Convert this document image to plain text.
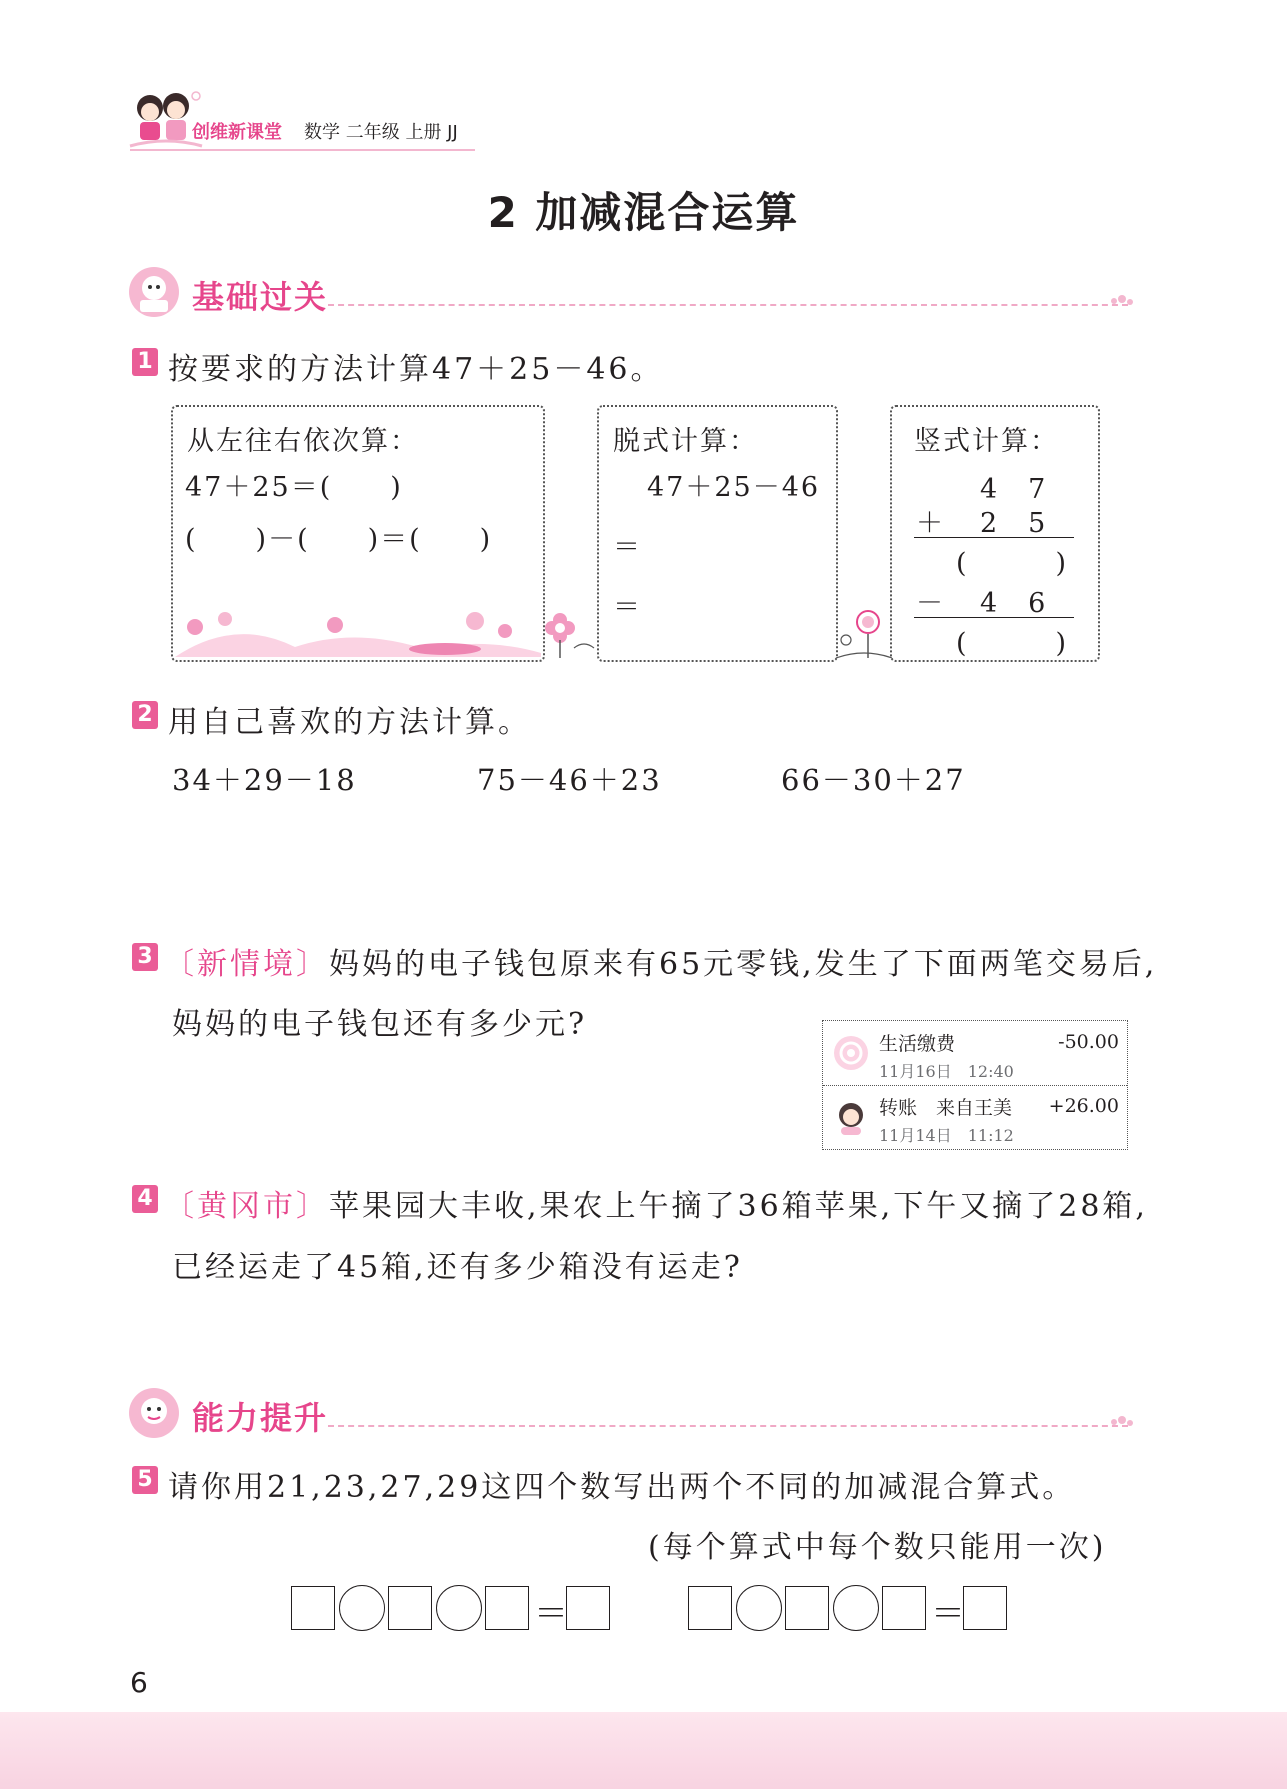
创维新课堂 数学 二年级 上册 JJ
2 加减混合运算
基础过关
1 按要求的方法计算47＋25－46。
从左往右依次算：
47＋25＝(　　)
(　　)－(　　)＝(　　)
脱式计算：
47＋25－46
＝
＝
竖式计算：
4　7
＋ 2　5
(　　　)
－ 4　6
(　　　)
2 用自己喜欢的方法计算。
34＋29－18	75－46＋23	66－30＋27
3 〔新情境〕妈妈的电子钱包原来有65元零钱,发生了下面两笔交易后,
妈妈的电子钱包还有多少元?
生活缴费
11月16日　12:40
-50.00
转账　来自王美
11月14日　11:12
+26.00
4 〔黄冈市〕苹果园大丰收,果农上午摘了36箱苹果,下午又摘了28箱,
已经运走了45箱,还有多少箱没有运走?
能力提升
5 请你用21,23,27,29这四个数写出两个不同的加减混合算式。
(每个算式中每个数只能用一次)
＝	＝
6
